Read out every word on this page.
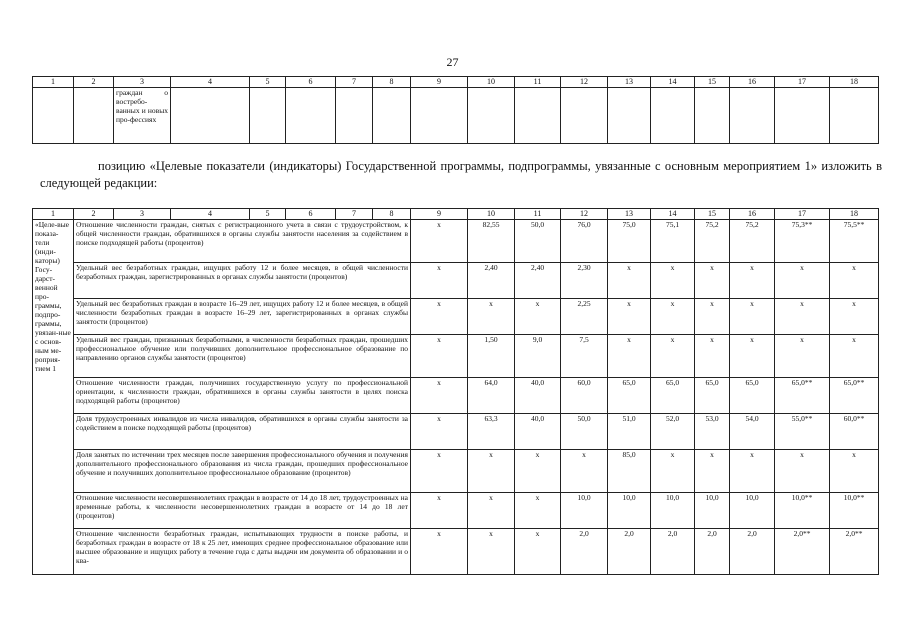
27
1	2	3	4	5	6	7	8	9	10	11	12	13	14	15	16	17	18
		граждан о востребо-ванных и новых про-фессиях															
позицию «Целевые показатели (индикаторы) Государственной программы, подпрограммы, увязанные с основным мероприятием 1» изложить в следующей редакции:
1	2	3	4	5	6	7	8	9	10	11	12	13	14	15	16	17	18
«Целе-вые показа-тели (инди-каторы) Госу-дарст-венной про-граммы, подпро-граммы, увязан-ные с основ-ным ме-роприя-тием 1	Отношение численности граждан, снятых с регистрационного учета в связи с трудоустройством, к общей численности граждан, обратившихся в органы службы занятости населения за содействием в поиске подходящей работы (процентов)							х	82,55	50,0	76,0	75,0	75,1	75,2	75,2	75,3**	75,5**
	Удельный вес безработных граждан, ищущих работу 12 и более месяцев, в общей численности безработных граждан, зарегистрированных в органах службы занятости (процентов)							х	2,40	2,40	2,30	х	х	х	х	х	х
	Удельный вес безработных граждан в возрасте 16–29 лет, ищущих работу 12 и более месяцев, в общей численности безработных граждан в возрасте 16–29 лет, зарегистрированных в органах службы занятости (процентов)							х	х	х	2,25	х	х	х	х	х	х
	Удельный вес граждан, признанных безработными, в численности безработных граждан, прошедших профессиональное обучение или получивших дополнительное профессиональное образование по направлению органов службы занятости (процентов)							х	1,50	9,0	7,5	х	х	х	х	х	х
	Отношение численности граждан, получивших государственную услугу по профессиональной ориентации, к численности граждан, обратившихся в органы службы занятости в целях поиска подходящей работы (процентов)							х	64,0	40,0	60,0	65,0	65,0	65,0	65,0	65,0**	65,0**
	Доля трудоустроенных инвалидов из числа инвалидов, обратившихся в органы службы занятости за содействием в поиске подходящей работы (процентов)							х	63,3	40,0	50,0	51,0	52,0	53,0	54,0	55,0**	60,0**
	Доля занятых по истечении трех месяцев после завершения профессионального обучения и получения дополнительного профессионального образования из числа граждан, прошедших профессиональное обучение и получивших дополнительное профессиональное образование (процентов)							х	х	х	х	85,0	х	х	х	х	х
	Отношение численности несовершеннолетних граждан в возрасте от 14 до 18 лет, трудоустроенных на временные работы, к численности несовершеннолетних граждан в возрасте от 14 до 18 лет (процентов)							х	х	х	10,0	10,0	10,0	10,0	10,0	10,0**	10,0**
	Отношение численности безработных граждан, испытывающих трудности в поиске работы, и безработных граждан в возрасте от 18 к 25 лет, имеющих среднее профессиональное образование или высшее образование и ищущих работу в течение года с даты выдачи им документа об образовании и о ква-							х	х	х	2,0	2,0	2,0	2,0	2,0	2,0**	2,0**
